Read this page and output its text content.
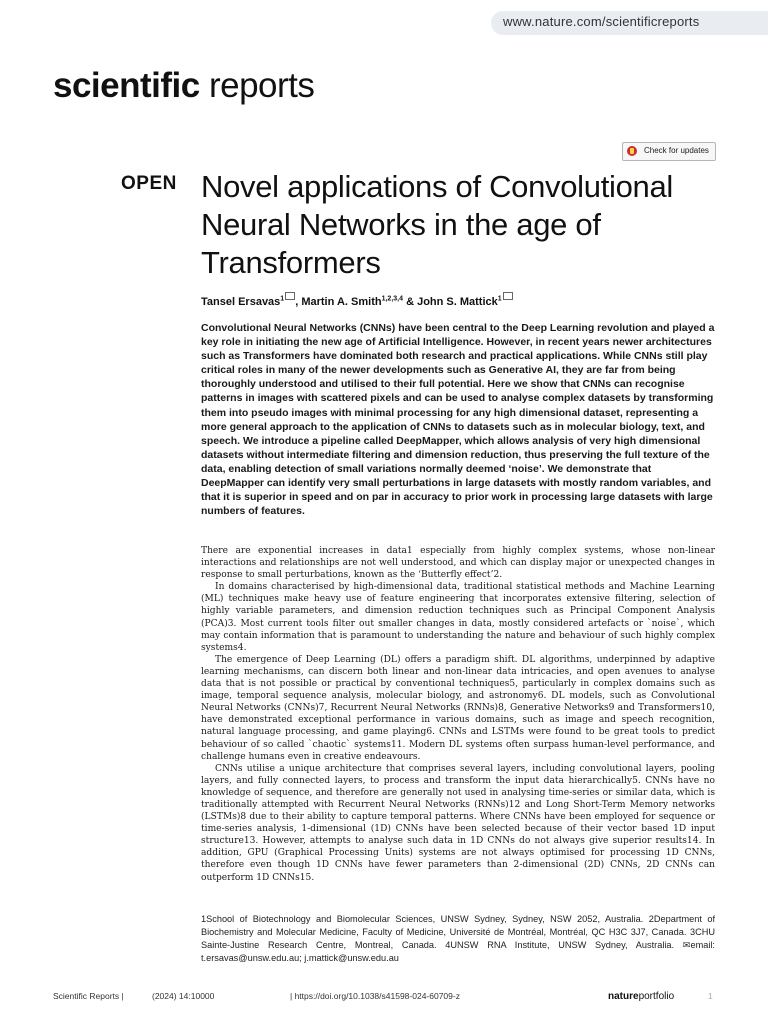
www.nature.com/scientificreports
scientific reports
Check for updates
OPEN Novel applications of Convolutional Neural Networks in the age of Transformers
Tansel Ersavas$^1$ , Martin A. Smith$^{1,2,3,4}$ & John S. Mattick$^1$

Convolutional Neural Networks (CNNs) have been central to the Deep Learning revolution and played a key role in initiating the new age of Artificial Intelligence. However, in recent years newer architectures such as Transformers have dominated both research and practical applications. While CNNs still play critical roles in many of the newer developments such as Generative AI, they are far from being thoroughly understood and utilised to their full potential. Here we show that CNNs can recognise patterns in images with scattered pixels and can be used to analyse complex datasets by transforming them into pseudo images with minimal processing for any high dimensional dataset, representing a more general approach to the application of CNNs to datasets such as in molecular biology, text, and speech. We introduce a pipeline called DeepMapper, which allows analysis of very high dimensional datasets without intermediate filtering and dimension reduction, thus preserving the full texture of the data, enabling detection of small variations normally deemed ‘noise’. We demonstrate that DeepMapper can identify very small perturbations in large datasets with mostly random variables, and that it is superior in speed and on par in accuracy to prior work in processing large datasets with large numbers of features.

There are exponential increases in data1 especially from highly complex systems, whose non-linear interactions and relationships are not well understood, and which can display major or unexpected changes in response to small perturbations, known as the ‘Butterfly effect’2.

In domains characterised by high-dimensional data, traditional statistical methods and Machine Learning (ML) techniques make heavy use of feature engineering that incorporates extensive filtering, selection of highly variable parameters, and dimension reduction techniques such as Principal Component Analysis (PCA)3. Most current tools filter out smaller changes in data, mostly considered artefacts or `noise`, which may contain information that is paramount to understanding the nature and behaviour of such highly complex systems4.

The emergence of Deep Learning (DL) offers a paradigm shift. DL algorithms, underpinned by adaptive learning mechanisms, can discern both linear and non-linear data intricacies, and open avenues to analyse data that is not possible or practical by conventional techniques5, particularly in complex domains such as image, temporal sequence analysis, molecular biology, and astronomy6. DL models, such as Convolutional Neural Networks (CNNs)7, Recurrent Neural Networks (RNNs)8, Generative Networks9 and Transformers10, have demonstrated exceptional performance in various domains, such as image and speech recognition, natural language processing, and game playing6. CNNs and LSTMs were found to be great tools to predict behaviour of so called `chaotic` systems11. Modern DL systems often surpass human-level performance, and challenge humans even in creative endeavours.

CNNs utilise a unique architecture that comprises several layers, including convolutional layers, pooling layers, and fully connected layers, to process and transform the input data hierarchically5. CNNs have no knowledge of sequence, and therefore are generally not used in analysing time-series or similar data, which is traditionally attempted with Recurrent Neural Networks (RNNs)12 and Long Short-Term Memory networks (LSTMs)8 due to their ability to capture temporal patterns. Where CNNs have been employed for sequence or time-series analysis, 1-dimensional (1D) CNNs have been selected because of their vector based 1D input structure13. However, attempts to analyse such data in 1D CNNs do not always give superior results14. In addition, GPU (Graphical Processing Units) systems are not always optimised for processing 1D CNNs, therefore even though 1D CNNs have fewer parameters than 2-dimensional (2D) CNNs, 2D CNNs can outperform 1D CNNs15.

1School of Biotechnology and Biomolecular Sciences, UNSW Sydney, Sydney, NSW 2052, Australia. 2Department of Biochemistry and Molecular Medicine, Faculty of Medicine, Université de Montréal, Montréal, QC H3C 3J7, Canada. 3CHU Sainte-Justine Research Centre, Montreal, Canada. 4UNSW RNA Institute, UNSW Sydney, Australia. ✉email: t.ersavas@unsw.edu.au; j.mattick@unsw.edu.au
Scientific Reports |	(2024) 14:10000	| https://doi.org/10.1038/s41598-024-60709-z	nature portfolio	1
